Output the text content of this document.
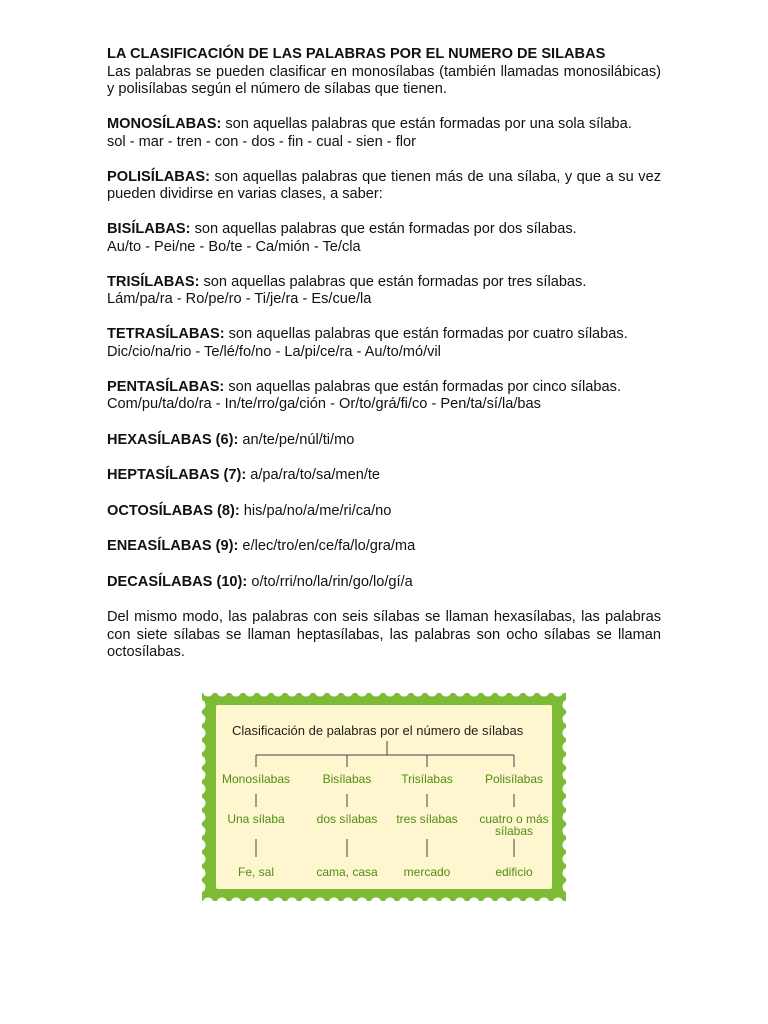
LA CLASIFICACIÓN DE LAS PALABRAS POR EL NUMERO DE SILABAS

Las palabras se pueden clasificar en monosílabas (también llamadas monosilábicas) y polisílabas según el número de sílabas que tienen.

MONOSÍLABAS: son aquellas palabras que están formadas por una sola sílaba.

sol - mar - tren - con - dos - fin - cual - sien - flor

POLISÍLABAS: son aquellas palabras que tienen más de una sílaba, y que a su vez pueden dividirse en varias clases, a saber:

BISÍLABAS: son aquellas palabras que están formadas por dos sílabas.

Au/to - Pei/ne - Bo/te - Ca/mión - Te/cla

TRISÍLABAS: son aquellas palabras que están formadas por tres sílabas.

Lám/pa/ra - Ro/pe/ro - Ti/je/ra - Es/cue/la

TETRASÍLABAS: son aquellas palabras que están formadas por cuatro sílabas.

Dic/cio/na/rio - Te/lé/fo/no - La/pi/ce/ra - Au/to/mó/vil

PENTASÍLABAS: son aquellas palabras que están formadas por cinco sílabas.

Com/pu/ta/do/ra - In/te/rro/ga/ción - Or/to/grá/fi/co - Pen/ta/sí/la/bas

HEXASÍLABAS (6): an/te/pe/núl/ti/mo

HEPTASÍLABAS (7): a/pa/ra/to/sa/men/te

OCTOSÍLABAS (8): his/pa/no/a/me/ri/ca/no

ENEASÍLABAS (9): e/lec/tro/en/ce/fa/lo/gra/ma

DECASÍLABAS (10): o/to/rri/no/la/rin/go/lo/gí/a

Del mismo modo, las palabras con seis sílabas se llaman hexasílabas, las palabras con siete sílabas se llaman heptasílabas, las palabras son ocho sílabas se llaman octosílabas.

Clasificación de palabras por el número de sílabas
Monosílabas
Una sílaba
Fe, sal
Bisílabas
dos sílabas
cama, casa
Trisílabas
tres sílabas
mercado
Polisílabas
cuatro o más
sílabas
edificio
